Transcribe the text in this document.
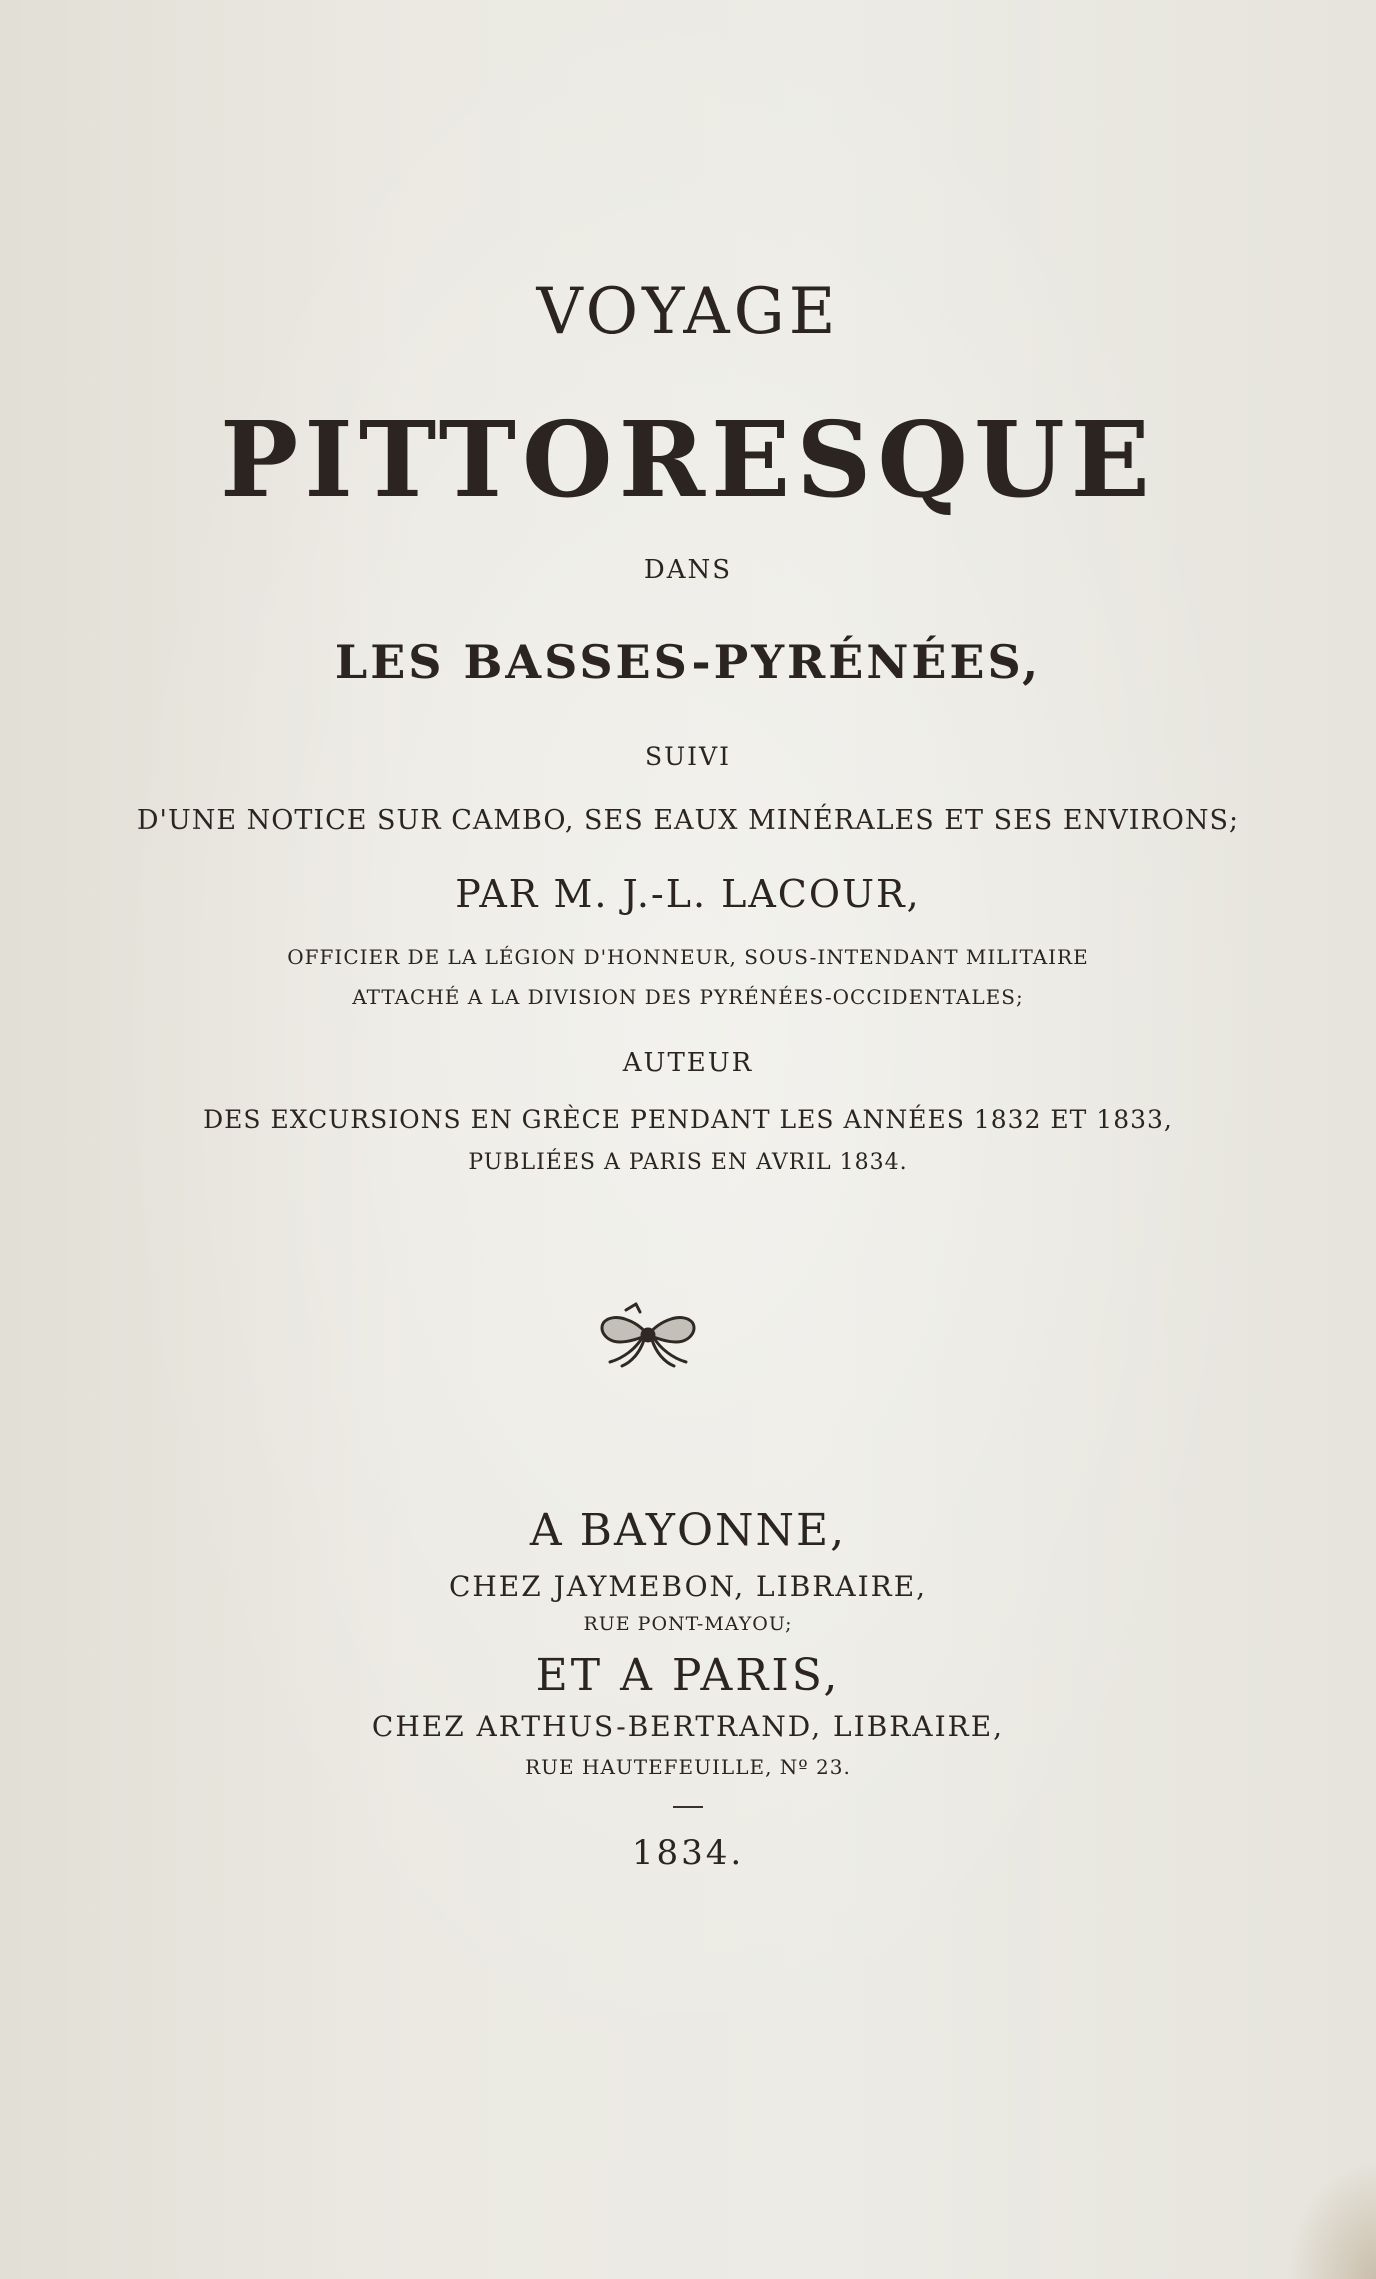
VOYAGE
PITTORESQUE
DANS
LES BASSES-PYRÉNÉES,
SUIVI
D'UNE NOTICE SUR CAMBO, SES EAUX MINÉRALES ET SES ENVIRONS;
PAR M. J.-L. LACOUR,
OFFICIER DE LA LÉGION D'HONNEUR, SOUS-INTENDANT MILITAIRE
ATTACHÉ A LA DIVISION DES PYRÉNÉES-OCCIDENTALES;
AUTEUR
DES EXCURSIONS EN GRÈCE PENDANT LES ANNÉES 1832 ET 1833,
PUBLIÉES A PARIS EN AVRIL 1834.
A BAYONNE,
CHEZ JAYMEBON, LIBRAIRE,
RUE PONT-MAYOU;
ET A PARIS,
CHEZ ARTHUS-BERTRAND, LIBRAIRE,
RUE HAUTEFEUILLE, Nº 23.
1834.
